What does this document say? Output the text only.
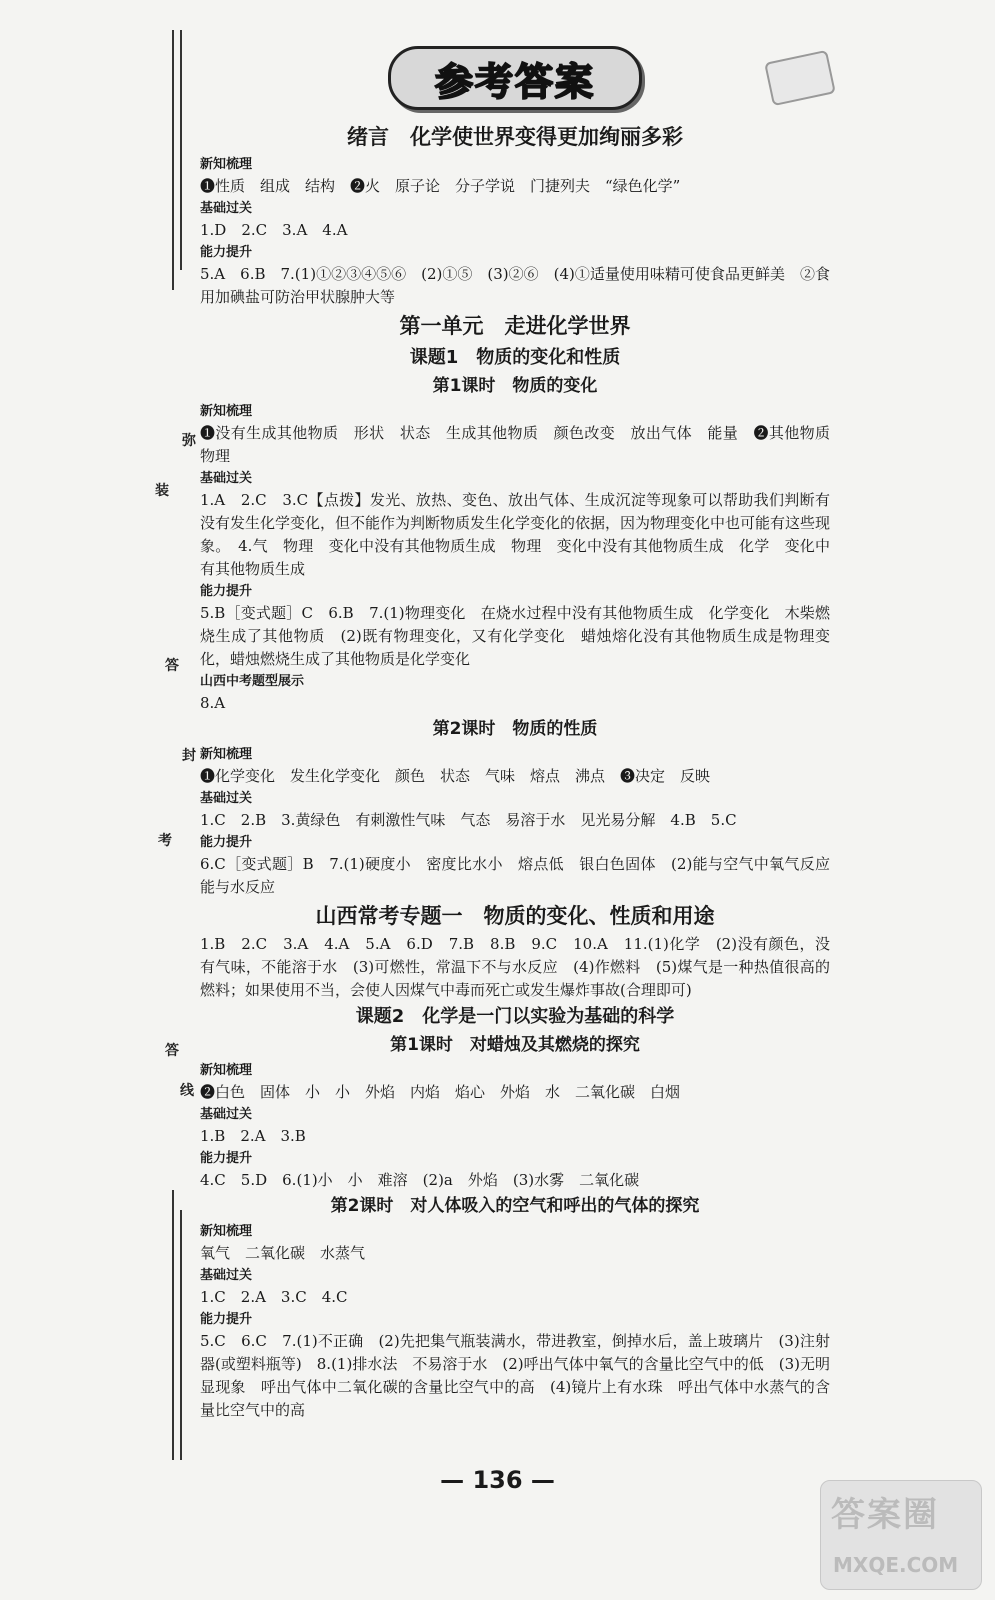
弥
装
答
封
考
答
线
参考答案
绪言　化学使世界变得更加绚丽多彩
新知梳理
❶性质　组成　结构　❷火　原子论　分子学说　门捷列夫　“绿色化学”
基础过关
1.D　2.C　3.A　4.A
能力提升
5.A　6.B　7.(1)①②③④⑤⑥　(2)①⑤　(3)②⑥　(4)①适量使用味精可使食品更鲜美　②食用加碘盐可防治甲状腺肿大等
第一单元　走进化学世界
课题1　物质的变化和性质
第1课时　物质的变化
新知梳理
❶没有生成其他物质　形状　状态　生成其他物质　颜色改变　放出气体　能量　❷其他物质　物理
基础过关
1.A　2.C　3.C【点拨】发光、放热、变色、放出气体、生成沉淀等现象可以帮助我们判断有没有发生化学变化，但不能作为判断物质发生化学变化的依据，因为物理变化中也可能有这些现象。　4.气　物理　变化中没有其他物质生成　物理　变化中没有其他物质生成　化学　变化中有其他物质生成
能力提升
5.B［变式题］C　6.B　7.(1)物理变化　在烧水过程中没有其他物质生成　化学变化　木柴燃烧生成了其他物质　(2)既有物理变化，又有化学变化　蜡烛熔化没有其他物质生成是物理变化，蜡烛燃烧生成了其他物质是化学变化
山西中考题型展示
8.A
第2课时　物质的性质
新知梳理
❶化学变化　发生化学变化　颜色　状态　气味　熔点　沸点　❸决定　反映
基础过关
1.C　2.B　3.黄绿色　有刺激性气味　气态　易溶于水　见光易分解　4.B　5.C
能力提升
6.C［变式题］B　7.(1)硬度小　密度比水小　熔点低　银白色固体　(2)能与空气中氧气反应　能与水反应
山西常考专题一　物质的变化、性质和用途
1.B　2.C　3.A　4.A　5.A　6.D　7.B　8.B　9.C　10.A　11.(1)化学　(2)没有颜色，没有气味，不能溶于水　(3)可燃性，常温下不与水反应　(4)作燃料　(5)煤气是一种热值很高的燃料；如果使用不当，会使人因煤气中毒而死亡或发生爆炸事故(合理即可)
课题2　化学是一门以实验为基础的科学
第1课时　对蜡烛及其燃烧的探究
新知梳理
❷白色　固体　小　小　外焰　内焰　焰心　外焰　水　二氧化碳　白烟
基础过关
1.B　2.A　3.B
能力提升
4.C　5.D　6.(1)小　小　难溶　(2)a　外焰　(3)水雾　二氧化碳
第2课时　对人体吸入的空气和呼出的气体的探究
新知梳理
氧气　二氧化碳　水蒸气
基础过关
1.C　2.A　3.C　4.C
能力提升
5.C　6.C　7.(1)不正确　(2)先把集气瓶装满水，带进教室，倒掉水后，盖上玻璃片　(3)注射器(或塑料瓶等)　8.(1)排水法　不易溶于水　(2)呼出气体中氧气的含量比空气中的低　(3)无明显现象　呼出气体中二氧化碳的含量比空气中的高　(4)镜片上有水珠　呼出气体中水蒸气的含量比空气中的高
— 136 —
答案圈
MXQE.COM
